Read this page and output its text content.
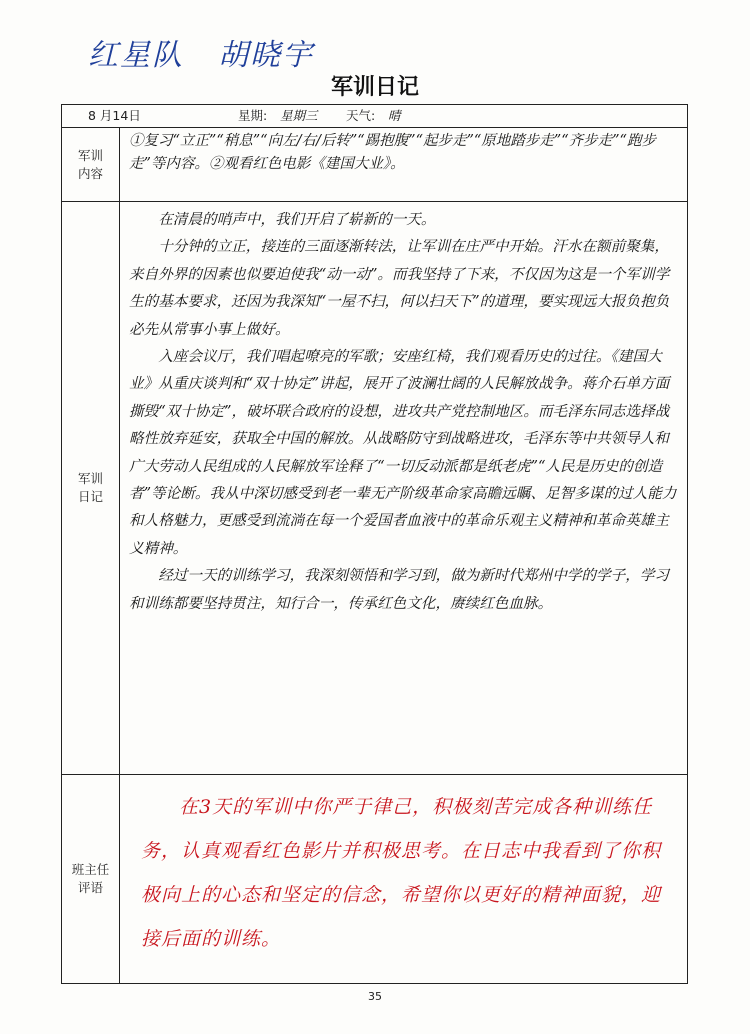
红星队 胡晓宇
军训日记
8 月14日	星期: 星期三 天气: 晴
军训
内容
①复习“立正”“稍息”“向左/右/后转”“踢抱腹”“起步走”“原地踏步走”“齐步走”“跑步走”等内容。②观看红色电影《建国大业》。
军训
日记

在清晨的哨声中，我们开启了崭新的一天。

十分钟的立正，接连的三面逐渐转法，让军训在庄严中开始。汗水在额前聚集，来自外界的因素也似要迫使我“动一动”。而我坚持了下来，不仅因为这是一个军训学生的基本要求，还因为我深知“一屋不扫，何以扫天下”的道理，要实现远大报负抱负必先从常事小事上做好。

入座会议厅，我们唱起嘹亮的军歌；安座红椅，我们观看历史的过往。《建国大业》从重庆谈判和“双十协定”讲起，展开了波澜壮阔的人民解放战争。蒋介石单方面撕毁“双十协定”，破坏联合政府的设想，进攻共产党控制地区。而毛泽东同志选择战略性放弃延安，获取全中国的解放。从战略防守到战略进攻，毛泽东等中共领导人和广大劳动人民组成的人民解放军诠释了“一切反动派都是纸老虎”“人民是历史的创造者”等论断。我从中深切感受到老一辈无产阶级革命家高瞻远瞩、足智多谋的过人能力和人格魅力，更感受到流淌在每一个爱国者血液中的革命乐观主义精神和革命英雄主义精神。

经过一天的训练学习，我深刻领悟和学习到，做为新时代郑州中学的学子，学习和训练都要坚持贯注，知行合一，传承红色文化，赓续红色血脉。

班主任
评语

在3天的军训中你严于律己，积极刻苦完成各种训练任务，认真观看红色影片并积极思考。在日志中我看到了你积极向上的心态和坚定的信念，希望你以更好的精神面貌，迎接后面的训练。

35
